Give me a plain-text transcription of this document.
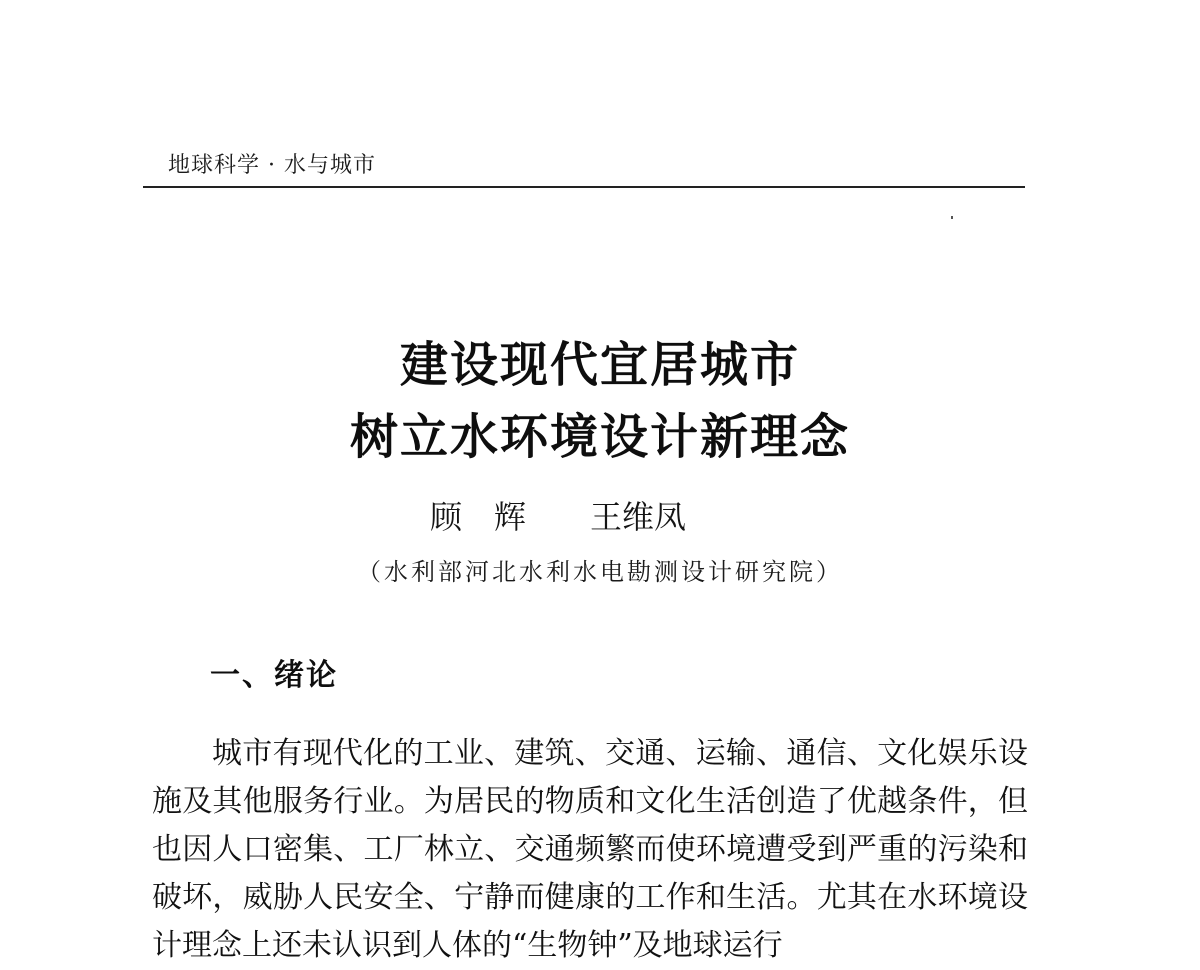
地球科学 · 水与城市
建设现代宜居城市
树立水环境设计新理念
顾　辉　　王维凤
（水利部河北水利水电勘测设计研究院）
一、绪论

城市有现代化的工业、建筑、交通、运输、通信、文化娱乐设施及其他服务行业。为居民的物质和文化生活创造了优越条件，但也因人口密集、工厂林立、交通频繁而使环境遭受到严重的污染和破坏，威胁人民安全、宁静而健康的工作和生活。尤其在水环境设计理念上还未认识到人体的“生物钟”及地球运行
